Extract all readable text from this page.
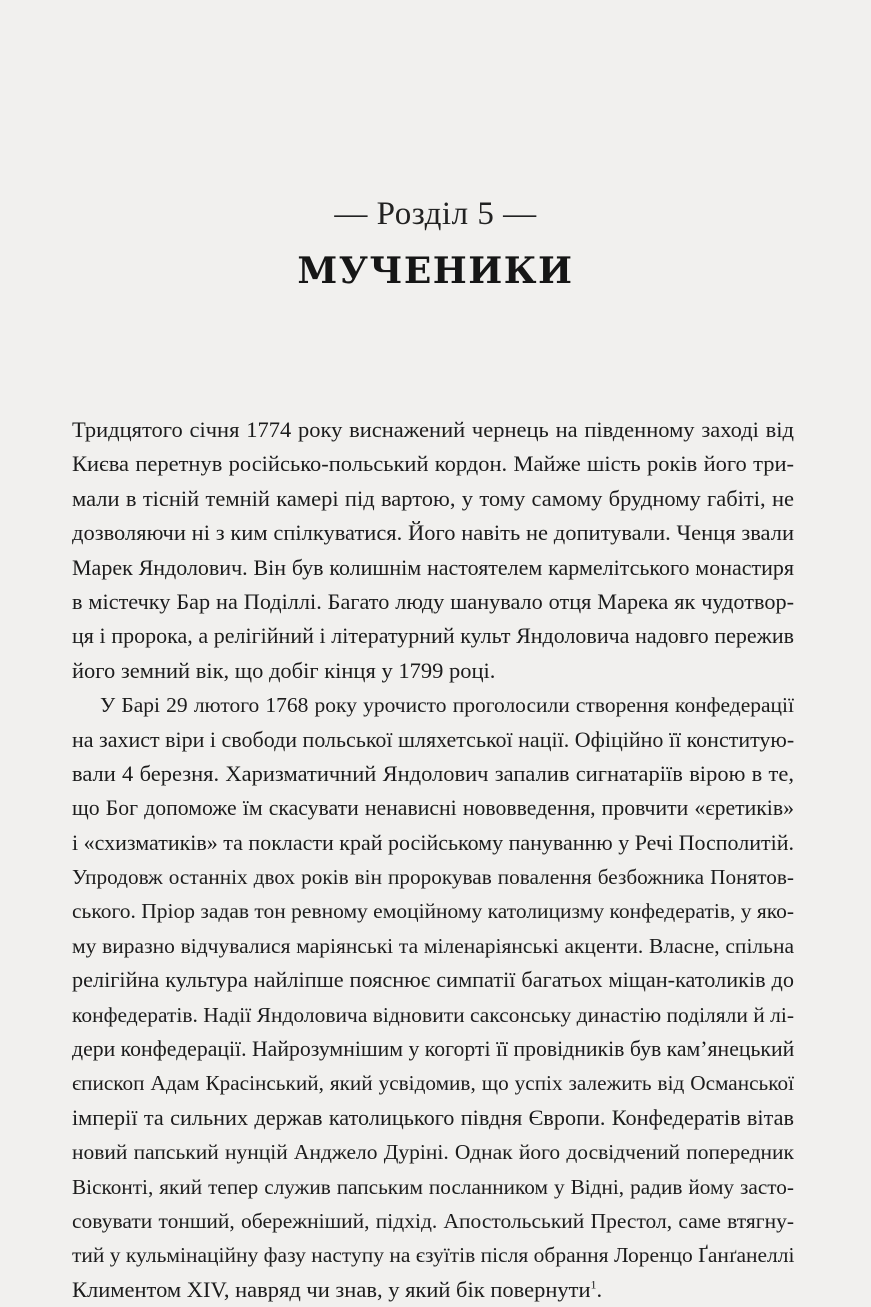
— Розділ 5 —
МУЧЕНИКИ
Тридцятого січня 1774 року виснажений чернець на південному заході від
Києва перетнув російсько-польський кордон. Майже шість років його три-
мали в тісній темній камері під вартою, у тому самому брудному габіті, не
дозволяючи ні з ким спілкуватися. Його навіть не допитували. Ченця звали
Марек Яндолович. Він був колишнім настоятелем кармелітського монастиря
в містечку Бар на Поділлі. Багато люду шанувало отця Марека як чудотвор-
ця і пророка, а релігійний і літературний культ Яндоловича надовго пережив
його земний вік, що добіг кінця у 1799 році.
У Барі 29 лютого 1768 року урочисто проголосили створення конфедерації
на захист віри і свободи польської шляхетської нації. Офіційно її конститую-
вали 4 березня. Харизматичний Яндолович запалив сигнатаріїв вірою в те,
що Бог допоможе їм скасувати ненависні нововведення, провчити «єретиків»
і «схизматиків» та покласти край російському пануванню у Речі Посполитій.
Упродовж останніх двох років він пророкував повалення безбожника Понятов-
ського. Пріор задав тон ревному емоційному католицизму конфедератів, у яко-
му виразно відчувалися маріянські та міленаріянські акценти. Власне, спільна
релігійна культура найліпше пояснює симпатії багатьох міщан-католиків до
конфедератів. Надії Яндоловича відновити саксонську династію поділяли й лі-
дери конфедерації. Найрозумнішим у когорті її провідників був кам’янецький
єпископ Адам Красінський, який усвідомив, що успіх залежить від Османської
імперії та сильних держав католицького півдня Європи. Конфедератів вітав
новий папський нунцій Анджело Дуріні. Однак його досвідчений попередник
Вісконті, який тепер служив папським посланником у Відні, радив йому засто-
совувати тонший, обережніший, підхід. Апостольський Престол, саме втягну-
тий у кульмінаційну фазу наступу на єзуїтів після обрання Лоренцо Ґанґанеллі
Климентом XIV, навряд чи знав, у який бік повернути$^1$.
